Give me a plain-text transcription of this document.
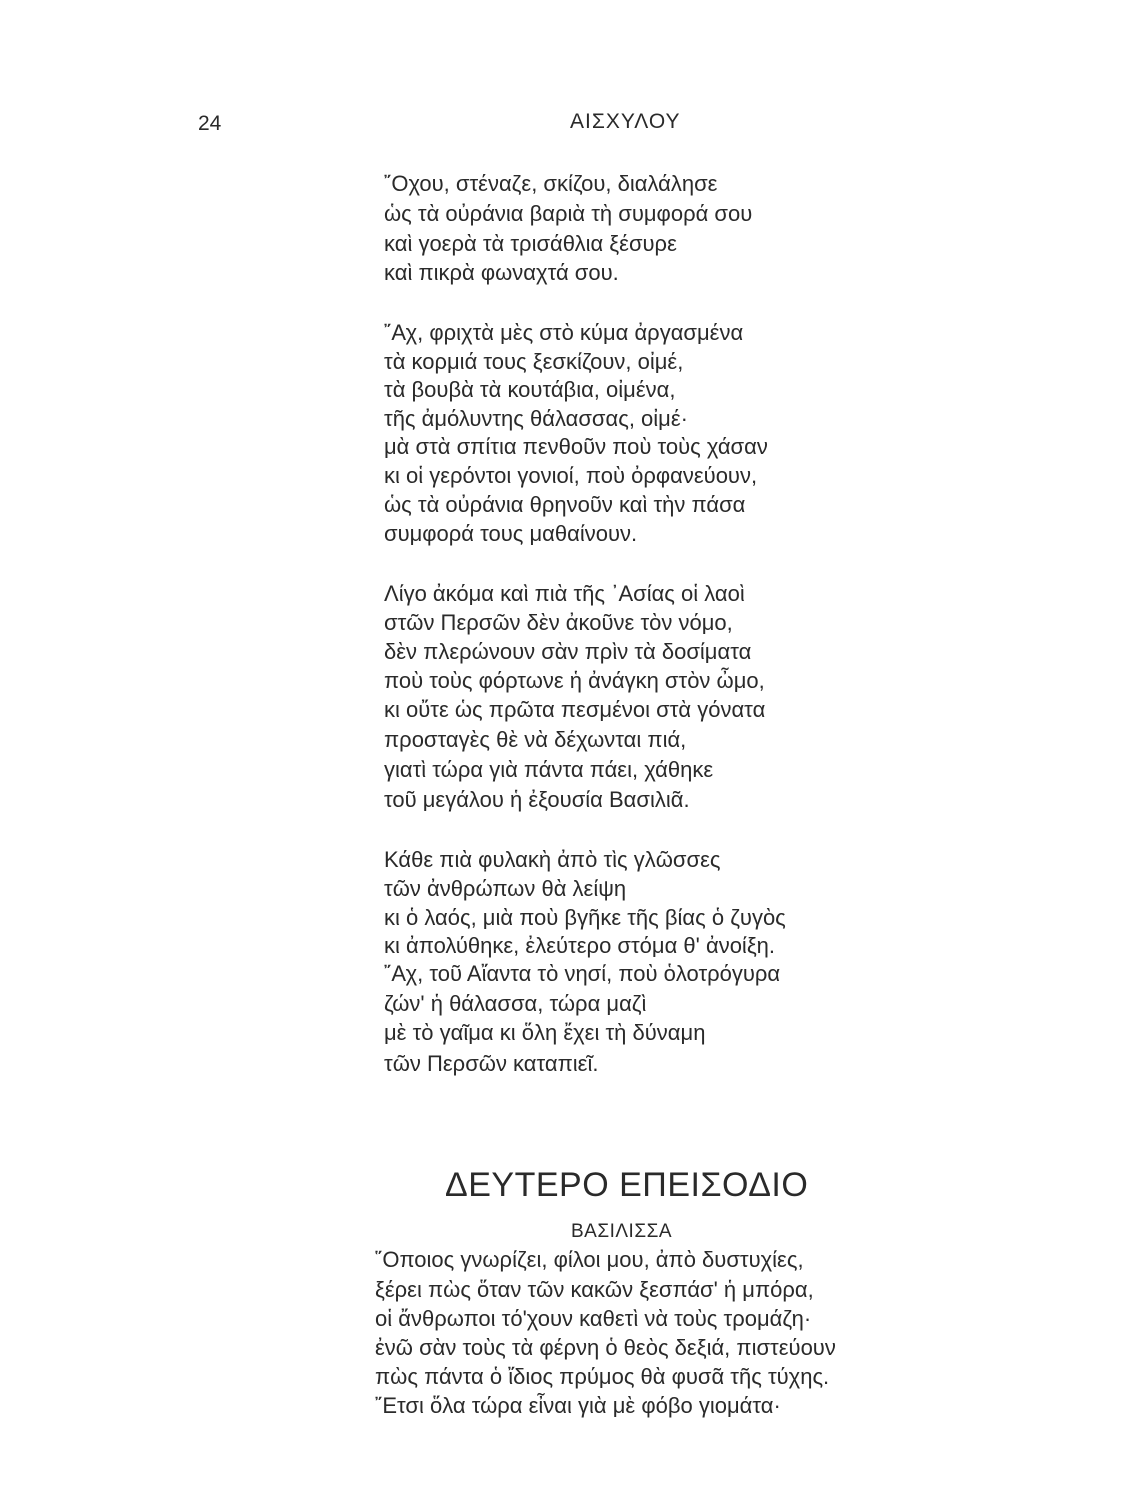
24	ΑΙΣΧΥΛΟΥ
῎Οχου, στέναζε, σκίζου, διαλάλησε
ὡς τὰ οὐράνια βαριὰ τὴ συμφορά σου
καὶ γοερὰ τὰ τρισάθλια ξέσυρε
καὶ πικρὰ φωναχτά σου.
῎Αχ, φριχτὰ μὲς στὸ κύμα ἀργασμένα
τὰ κορμιά τους ξεσκίζουν, οἰμέ,
τὰ βουβὰ τὰ κουτάβια, οἰμένα,
τῆς ἀμόλυντης θάλασσας, οἰμέ·
μὰ στὰ σπίτια πενθοῦν ποὺ τοὺς χάσαν
κι οἱ γερόντοι γονιοί, ποὺ ὀρφανεύουν,
ὡς τὰ οὐράνια θρηνοῦν καὶ τὴν πάσα
συμφορά τους μαθαίνουν.
Λίγο ἀκόμα καὶ πιὰ τῆς ᾿Ασίας οἱ λαοὶ
στῶν Περσῶν δὲν ἀκοῦνε τὸν νόμο,
δὲν πλερώνουν σὰν πρὶν τὰ δοσίματα
ποὺ τοὺς φόρτωνε ἡ ἀνάγκη στὸν ὦμο,
κι οὔτε ὡς πρῶτα πεσμένοι στὰ γόνατα
προσταγὲς θὲ νὰ δέχωνται πιά,
γιατὶ τώρα γιὰ πάντα πάει, χάθηκε
τοῦ μεγάλου ἡ ἐξουσία Βασιλιᾶ.
Κάθε πιὰ φυλακὴ ἀπὸ τὶς γλῶσσες
τῶν ἀνθρώπων θὰ λείψη
κι ὁ λαός, μιὰ ποὺ βγῆκε τῆς βίας ὁ ζυγὸς
κι ἀπολύθηκε, ἐλεύτερο στόμα θ' ἀνοίξη.
῎Αχ, τοῦ Αἴαντα τὸ νησί, ποὺ ὁλοτρόγυρα
ζών' ἡ θάλασσα, τώρα μαζὶ
μὲ τὸ γαῖμα κι ὅλη ἔχει τὴ δύναμη
τῶν Περσῶν καταπιεῖ.
ΔΕΥΤΕΡΟ ΕΠΕΙΣΟΔΙΟ
ΒΑΣΙΛΙΣΣΑ
῞Οποιος γνωρίζει, φίλοι μου, ἀπὸ δυστυχίες,
ξέρει πὼς ὅταν τῶν κακῶν ξεσπάσ' ἡ μπόρα,
οἱ ἄνθρωποι τό'χουν καθετὶ νὰ τοὺς τρομάζη·
ἐνῶ σὰν τοὺς τὰ φέρνη ὁ θεὸς δεξιά, πιστεύουν
πὼς πάντα ὁ ἴδιος πρύμος θὰ φυσᾶ τῆς τύχης.
῎Ετσι ὅλα τώρα εἶναι γιὰ μὲ φόβο γιομάτα·
